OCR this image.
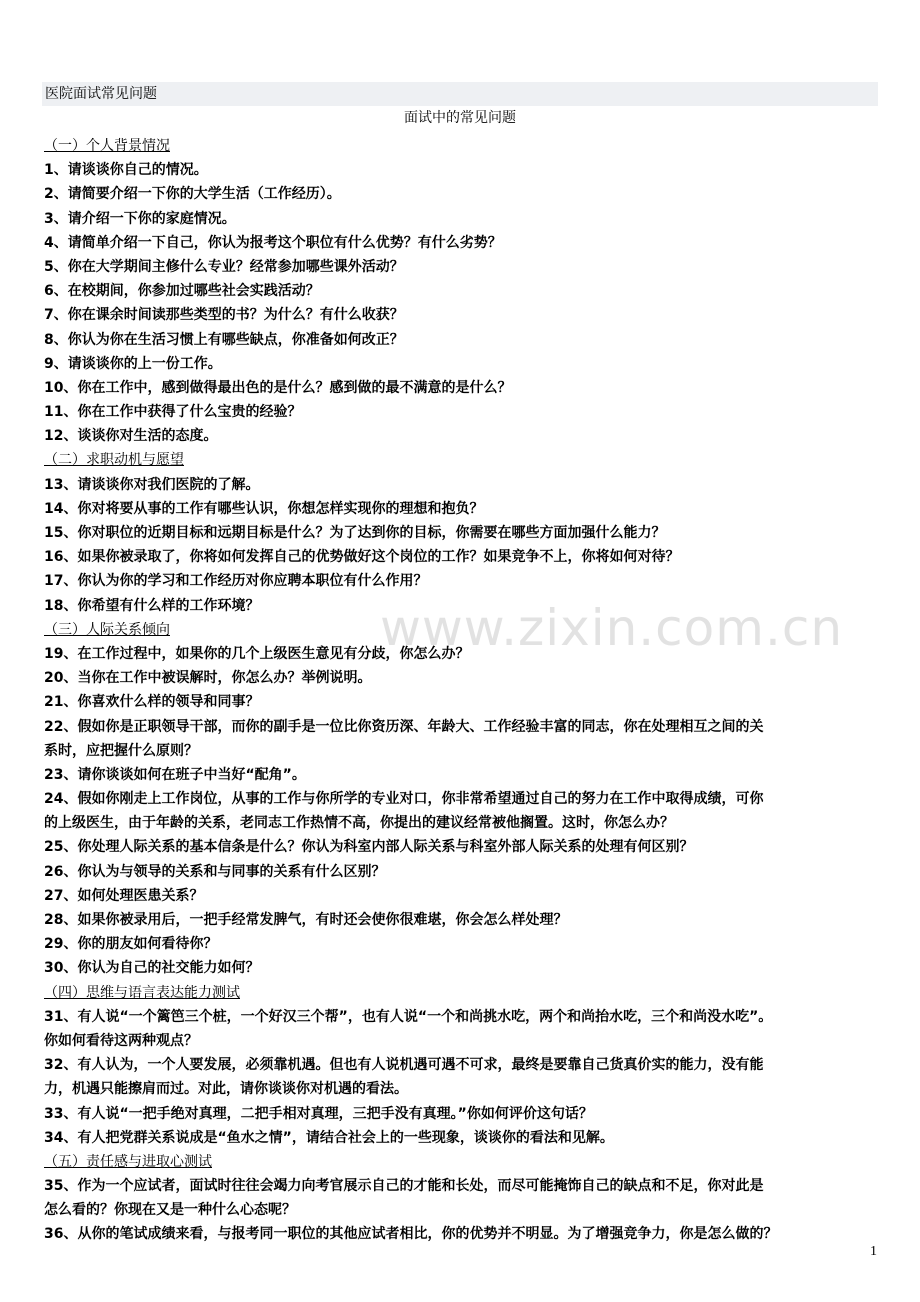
医院面试常见问题
面试中的常见问题
www.zixin.com.cn
（一）个人背景情况
1、请谈谈你自己的情况。
2、请简要介绍一下你的大学生活（工作经历）。
3、请介绍一下你的家庭情况。
4、请简单介绍一下自己，你认为报考这个职位有什么优势？有什么劣势？
5、你在大学期间主修什么专业？经常参加哪些课外活动？
6、在校期间，你参加过哪些社会实践活动？
7、你在课余时间读那些类型的书？为什么？有什么收获？
8、你认为你在生活习惯上有哪些缺点，你准备如何改正？
9、请谈谈你的上一份工作。
10、你在工作中，感到做得最出色的是什么？感到做的最不满意的是什么？
11、你在工作中获得了什么宝贵的经验？
12、谈谈你对生活的态度。
（二）求职动机与愿望
13、请谈谈你对我们医院的了解。
14、你对将要从事的工作有哪些认识，你想怎样实现你的理想和抱负？
15、你对职位的近期目标和远期目标是什么？为了达到你的目标，你需要在哪些方面加强什么能力？
16、如果你被录取了，你将如何发挥自己的优势做好这个岗位的工作？如果竞争不上，你将如何对待？
17、你认为你的学习和工作经历对你应聘本职位有什么作用？
18、你希望有什么样的工作环境？
（三）人际关系倾向
19、在工作过程中，如果你的几个上级医生意见有分歧，你怎么办？
20、当你在工作中被误解时，你怎么办？举例说明。
21、你喜欢什么样的领导和同事？
22、假如你是正职领导干部，而你的副手是一位比你资历深、年龄大、工作经验丰富的同志，你在处理相互之间的关
系时，应把握什么原则？
23、请你谈谈如何在班子中当好“配角”。
24、假如你刚走上工作岗位，从事的工作与你所学的专业对口，你非常希望通过自己的努力在工作中取得成绩，可你
的上级医生，由于年龄的关系，老同志工作热情不高，你提出的建议经常被他搁置。这时，你怎么办？
25、你处理人际关系的基本信条是什么？你认为科室内部人际关系与科室外部人际关系的处理有何区别？
26、你认为与领导的关系和与同事的关系有什么区别？
27、如何处理医患关系？
28、如果你被录用后，一把手经常发脾气，有时还会使你很难堪，你会怎么样处理？
29、你的朋友如何看待你？
30、你认为自己的社交能力如何？
（四）思维与语言表达能力测试
31、有人说“一个篱笆三个桩，一个好汉三个帮”，也有人说“一个和尚挑水吃，两个和尚抬水吃，三个和尚没水吃”。
你如何看待这两种观点？
32、有人认为，一个人要发展，必须靠机遇。但也有人说机遇可遇不可求，最终是要靠自己货真价实的能力，没有能
力，机遇只能擦肩而过。对此，请你谈谈你对机遇的看法。
33、有人说“一把手绝对真理，二把手相对真理，三把手没有真理。”你如何评价这句话？
34、有人把党群关系说成是“鱼水之情”，请结合社会上的一些现象，谈谈你的看法和见解。
（五）责任感与进取心测试
35、作为一个应试者，面试时往往会竭力向考官展示自己的才能和长处，而尽可能掩饰自己的缺点和不足，你对此是
怎么看的？你现在又是一种什么心态呢？
36、从你的笔试成绩来看，与报考同一职位的其他应试者相比，你的优势并不明显。为了增强竞争力，你是怎么做的？
1
